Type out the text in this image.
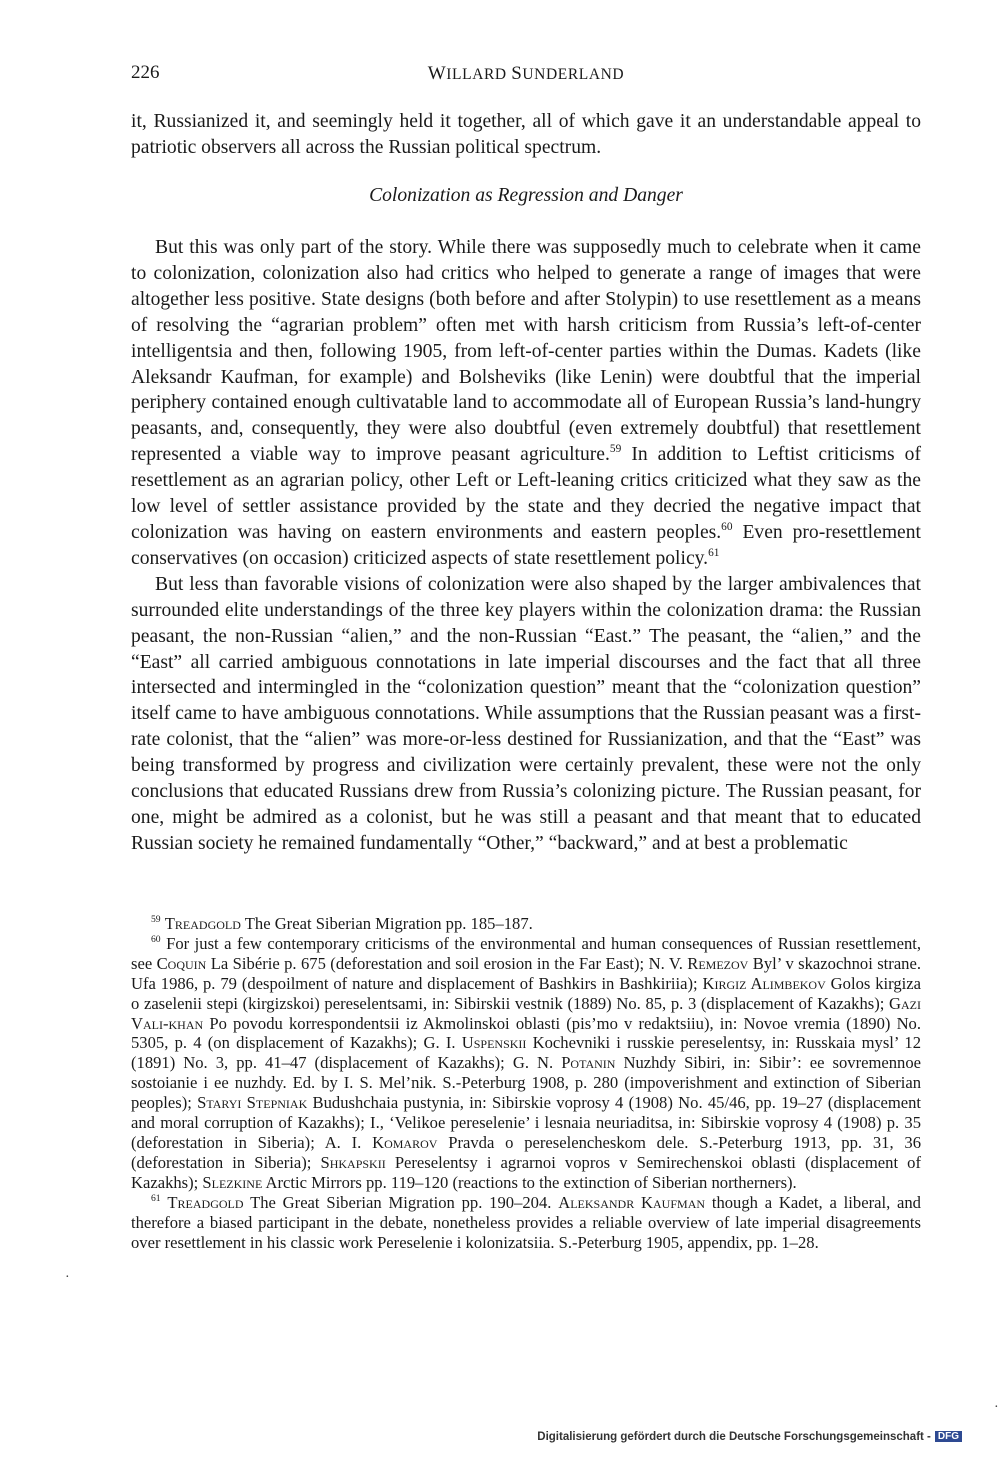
226	WILLARD SUNDERLAND

it, Russianized it, and seemingly held it together, all of which gave it an understandable appeal to patriotic observers all across the Russian political spectrum.

Colonization as Regression and Danger

But this was only part of the story. While there was supposedly much to celebrate when it came to colonization, colonization also had critics who helped to generate a range of images that were altogether less positive. State designs (both before and after Stolypin) to use resettlement as a means of resolving the “agrarian problem” often met with harsh criticism from Russia’s left-of-center intelligentsia and then, following 1905, from left-of-center parties within the Dumas. Kadets (like Aleksandr Kaufman, for example) and Bolsheviks (like Lenin) were doubtful that the imperial periphery contained enough cultivatable land to accommodate all of European Russia’s land-hungry peasants, and, consequently, they were also doubtful (even extremely doubtful) that resettlement represented a viable way to improve peasant agriculture.$^{59}$ In addition to Leftist criticisms of resettlement as an agrarian policy, other Left or Left-leaning critics criticized what they saw as the low level of settler assistance provided by the state and they decried the negative impact that colonization was having on eastern environments and eastern peoples.$^{60}$ Even pro-resettlement conservatives (on occasion) criticized aspects of state resettlement policy.$^{61}$

But less than favorable visions of colonization were also shaped by the larger ambivalences that surrounded elite understandings of the three key players within the colonization drama: the Russian peasant, the non-Russian “alien,” and the non-Russian “East.” The peasant, the “alien,” and the “East” all carried ambiguous connotations in late imperial discourses and the fact that all three intersected and intermingled in the “colonization question” meant that the “colonization question” itself came to have ambiguous connotations. While assumptions that the Russian peasant was a first-rate colonist, that the “alien” was more-or-less destined for Russianization, and that the “East” was being transformed by progress and civilization were certainly prevalent, these were not the only conclusions that educated Russians drew from Russia’s colonizing picture. The Russian peasant, for one, might be admired as a colonist, but he was still a peasant and that meant that to educated Russian society he remained fundamentally “Other,” “backward,” and at best a problematic

$^{59}$ Treadgold The Great Siberian Migration pp. 185–187.

$^{60}$ For just a few contemporary criticisms of the environmental and human consequences of Russian resettlement, see Coquin La Sibérie p. 675 (deforestation and soil erosion in the Far East); N. V. Remezov Byl’ v skazochnoi strane. Ufa 1986, p. 79 (despoilment of nature and displacement of Bashkirs in Bashkiriia); Kirgiz Alimbekov Golos kirgiza o zaselenii stepi (kirgizskoi) pereselentsami, in: Sibirskii vestnik (1889) No. 85, p. 3 (displacement of Kazakhs); Gazi Vali-khan Po povodu korrespondentsii iz Akmolinskoi oblasti (pis’mo v redaktsiiu), in: Novoe vremia (1890) No. 5305, p. 4 (on displacement of Kazakhs); G. I. Uspenskii Kochevniki i russkie pereselentsy, in: Russkaia mysl’ 12 (1891) No. 3, pp. 41–47 (displacement of Kazakhs); G. N. Potanin Nuzhdy Sibiri, in: Sibir’: ee sovremennoe sostoianie i ee nuzhdy. Ed. by I. S. Mel’nik. S.-Peterburg 1908, p. 280 (impoverishment and extinction of Siberian peoples); Staryi Stepniak Budushchaia pustynia, in: Sibirskie voprosy 4 (1908) No. 45/46, pp. 19–27 (displacement and moral corruption of Kazakhs); I., ‘Velikoe pereselenie’ i lesnaia neuriaditsa, in: Sibirskie voprosy 4 (1908) p. 35 (deforestation in Siberia); A. I. Komarov Pravda o pereselencheskom dele. S.-Peterburg 1913, pp. 31, 36 (deforestation in Siberia); Shkapskii Pereselentsy i agrarnoi vopros v Semirechenskoi oblasti (displacement of Kazakhs); Slezkine Arctic Mirrors pp. 119–120 (reactions to the extinction of Siberian northerners).

$^{61}$ Treadgold The Great Siberian Migration pp. 190–204. Aleksandr Kaufman though a Kadet, a liberal, and therefore a biased participant in the debate, nonetheless provides a reliable overview of late imperial disagreements over resettlement in his classic work Pereselenie i kolonizatsiia. S.-Peterburg 1905, appendix, pp. 1–28.

·
·
Digitalisierung gefördert durch die Deutsche Forschungsgemeinschaft - DFG
